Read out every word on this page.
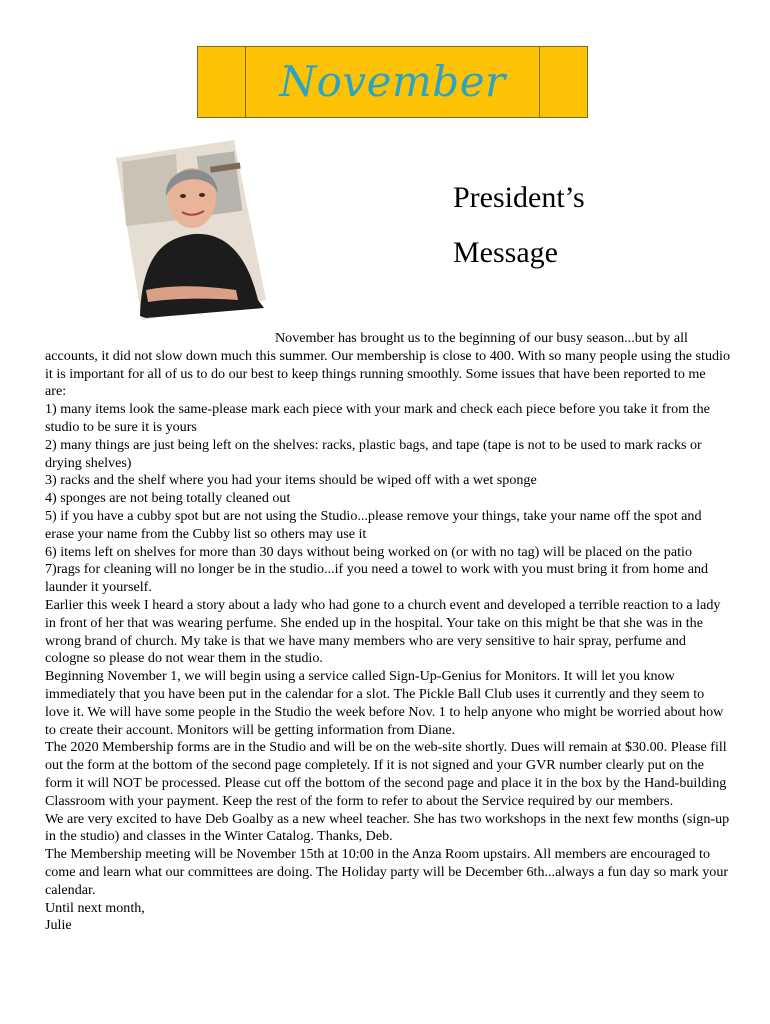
November
President’s
Message

November has brought us to the beginning of our busy season...but by all accounts, it did not slow down much this summer. Our membership is close to 400. With so many people using the studio it is important for all of us to do our best to keep things running smoothly. Some issues that have been reported to me are:

1) many items look the same-please mark each piece with your mark and check each piece before you take it from the studio to be sure it is yours

2) many things are just being left on the shelves: racks, plastic bags, and tape (tape is not to be used to mark racks or drying shelves)

3) racks and the shelf where you had your items should be wiped off with a wet sponge

4) sponges are not being totally cleaned out

5) if you have a cubby spot but are not using the Studio...please remove your things, take your name off the spot and erase your name from the Cubby list so others may use it

6) items left on shelves for more than 30 days without being worked on (or with no tag) will be placed on the patio

7)rags for cleaning will no longer be in the studio...if you need a towel to work with you must bring it from home and launder it yourself.

Earlier this week I heard a story about a lady who had gone to a church event and developed a terrible reaction to a lady in front of her that was wearing perfume. She ended up in the hospital. Your take on this might be that she was in the wrong brand of church. My take is that we have many members who are very sensitive to hair spray, perfume and cologne so please do not wear them in the studio.

Beginning November 1, we will begin using a service called Sign-Up-Genius for Monitors. It will let you know immediately that you have been put in the calendar for a slot. The Pickle Ball Club uses it currently and they seem to love it. We will have some people in the Studio the week before Nov. 1 to help anyone who might be worried about how to create their account. Monitors will be getting information from Diane.

The 2020 Membership forms are in the Studio and will be on the web-site shortly. Dues will remain at $30.00. Please fill out the form at the bottom of the second page completely. If it is not signed and your GVR number clearly put on the form it will NOT be processed. Please cut off the bottom of the second page and place it in the box by the Hand-building Classroom with your payment. Keep the rest of the form to refer to about the Service required by our members.

We are very excited to have Deb Goalby as a new wheel teacher. She has two workshops in the next few months (sign-up in the studio) and classes in the Winter Catalog. Thanks, Deb.

The Membership meeting will be November 15th at 10:00 in the Anza Room upstairs. All members are encouraged to come and learn what our committees are doing. The Holiday party will be December 6th...always a fun day so mark your calendar.

Until next month,

Julie
